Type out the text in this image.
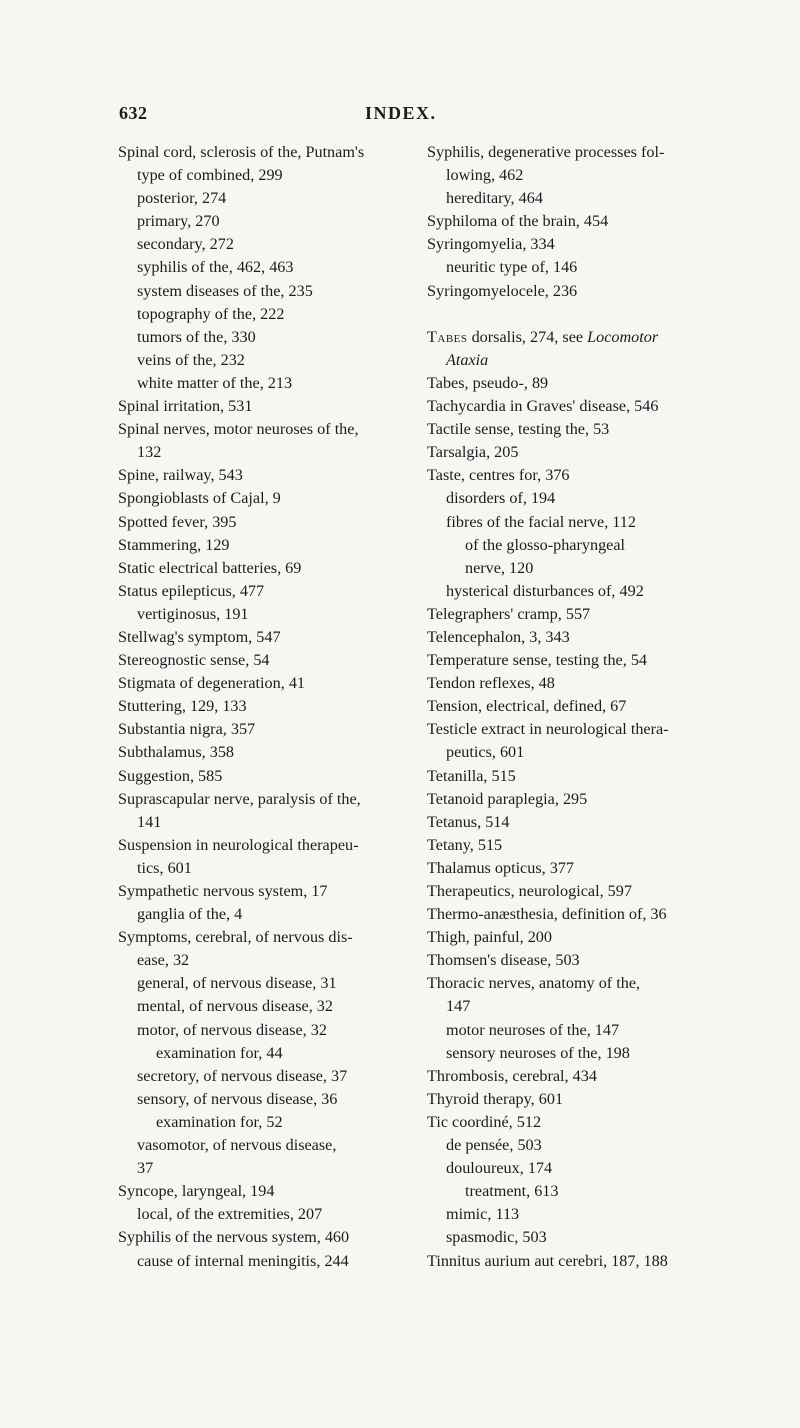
632	INDEX.
Spinal cord, sclerosis of the, Putnam's
type of combined, 299
posterior, 274
primary, 270
secondary, 272
syphilis of the, 462, 463
system diseases of the, 235
topography of the, 222
tumors of the, 330
veins of the, 232
white matter of the, 213
Spinal irritation, 531
Spinal nerves, motor neuroses of the,
132
Spine, railway, 543
Spongioblasts of Cajal, 9
Spotted fever, 395
Stammering, 129
Static electrical batteries, 69
Status epilepticus, 477
vertiginosus, 191
Stellwag's symptom, 547
Stereognostic sense, 54
Stigmata of degeneration, 41
Stuttering, 129, 133
Substantia nigra, 357
Subthalamus, 358
Suggestion, 585
Suprascapular nerve, paralysis of the,
141
Suspension in neurological therapeu-
tics, 601
Sympathetic nervous system, 17
ganglia of the, 4
Symptoms, cerebral, of nervous dis-
ease, 32
general, of nervous disease, 31
mental, of nervous disease, 32
motor, of nervous disease, 32
examination for, 44
secretory, of nervous disease, 37
sensory, of nervous disease, 36
examination for, 52
vasomotor, of nervous disease,
37
Syncope, laryngeal, 194
local, of the extremities, 207
Syphilis of the nervous system, 460
cause of internal meningitis, 244
Syphilis, degenerative processes fol-
lowing, 462
hereditary, 464
Syphiloma of the brain, 454
Syringomyelia, 334
neuritic type of, 146
Syringomyelocele, 236
Tabes dorsalis, 274, see Locomotor
Ataxia
Tabes, pseudo-, 89
Tachycardia in Graves' disease, 546
Tactile sense, testing the, 53
Tarsalgia, 205
Taste, centres for, 376
disorders of, 194
fibres of the facial nerve, 112
of the glosso-pharyngeal
nerve, 120
hysterical disturbances of, 492
Telegraphers' cramp, 557
Telencephalon, 3, 343
Temperature sense, testing the, 54
Tendon reflexes, 48
Tension, electrical, defined, 67
Testicle extract in neurological thera-
peutics, 601
Tetanilla, 515
Tetanoid paraplegia, 295
Tetanus, 514
Tetany, 515
Thalamus opticus, 377
Therapeutics, neurological, 597
Thermo-anæsthesia, definition of, 36
Thigh, painful, 200
Thomsen's disease, 503
Thoracic nerves, anatomy of the,
147
motor neuroses of the, 147
sensory neuroses of the, 198
Thrombosis, cerebral, 434
Thyroid therapy, 601
Tic coordiné, 512
de pensée, 503
douloureux, 174
treatment, 613
mimic, 113
spasmodic, 503
Tinnitus aurium aut cerebri, 187, 188
